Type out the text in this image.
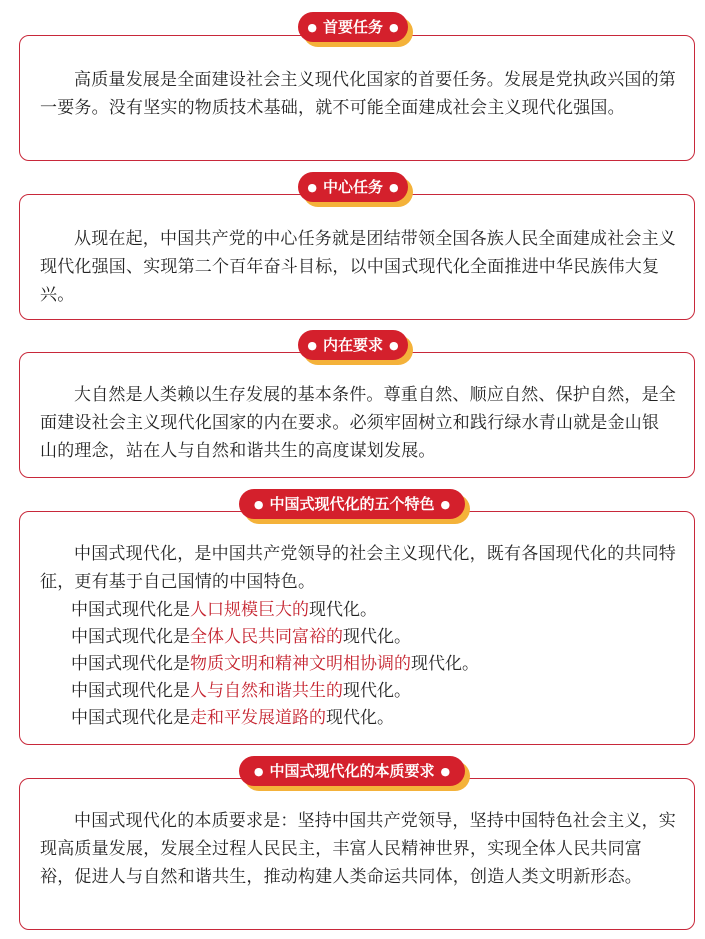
● 首要任务 ●

高质量发展是全面建设社会主义现代化国家的首要任务。发展是党执政兴国的第一要务。没有坚实的物质技术基础，就不可能全面建成社会主义现代化强国。

● 中心任务 ●

从现在起，中国共产党的中心任务就是团结带领全国各族人民全面建成社会主义现代化强国、实现第二个百年奋斗目标，以中国式现代化全面推进中华民族伟大复兴。

● 内在要求 ●

大自然是人类赖以生存发展的基本条件。尊重自然、顺应自然、保护自然，是全面建设社会主义现代化国家的内在要求。必须牢固树立和践行绿水青山就是金山银山的理念，站在人与自然和谐共生的高度谋划发展。

● 中国式现代化的五个特色 ●

中国式现代化，是中国共产党领导的社会主义现代化，既有各国现代化的共同特征，更有基于自己国情的中国特色。

中国式现代化是人口规模巨大的现代化。
中国式现代化是全体人民共同富裕的现代化。
中国式现代化是物质文明和精神文明相协调的现代化。
中国式现代化是人与自然和谐共生的现代化。
中国式现代化是走和平发展道路的现代化。
● 中国式现代化的本质要求 ●

中国式现代化的本质要求是：坚持中国共产党领导，坚持中国特色社会主义，实现高质量发展，发展全过程人民民主，丰富人民精神世界，实现全体人民共同富裕，促进人与自然和谐共生，推动构建人类命运共同体，创造人类文明新形态。
